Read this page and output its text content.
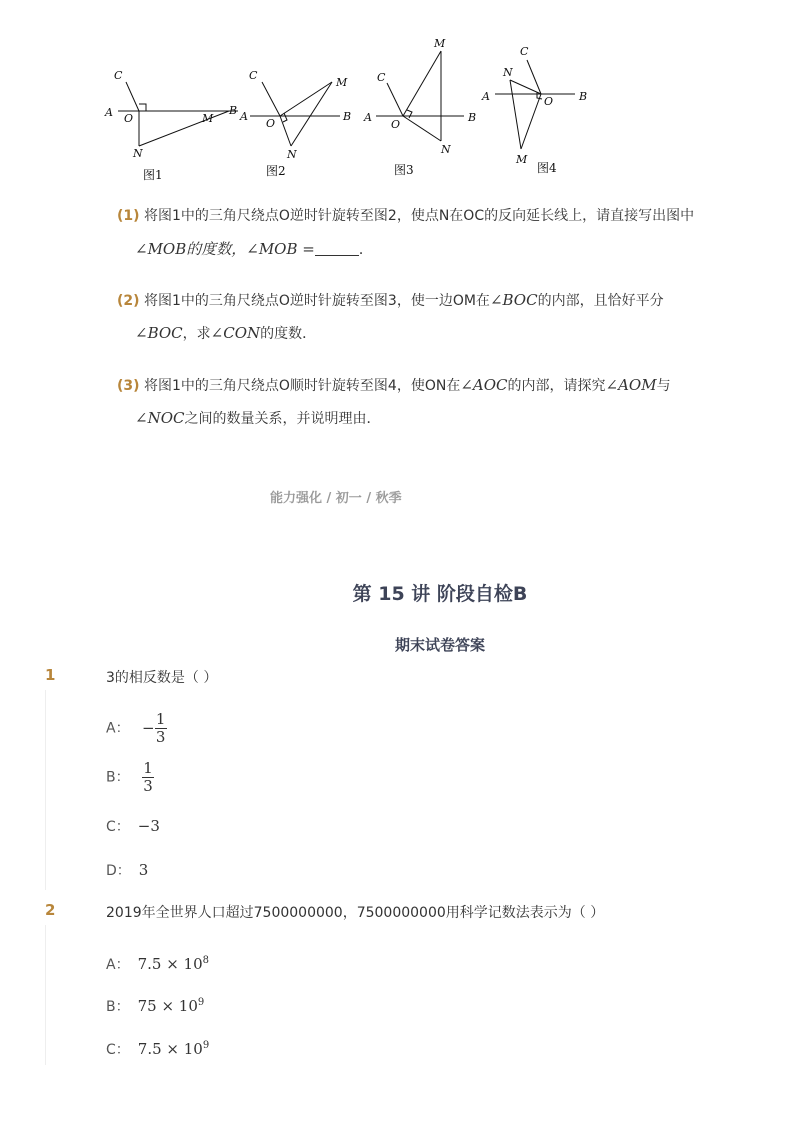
C
A O
B
M
N
C
M
A
O
B
N
M
C
A
O
B
N
C
N
A	O B
M
图1	图2	图3	图4
(1) 将图1中的三角尺绕点O逆时针旋转至图2，使点N在OC的反向延长线上，请直接写出图中
∠MOB的度数，∠MOB =	．
(2) 将图1中的三角尺绕点O逆时针旋转至图3，使一边OM在∠BOC的内部，且恰好平分
∠BOC，求∠CON的度数．
(3) 将图1中的三角尺绕点O顺时针旋转至图4，使ON在∠AOC的内部，请探究∠AOM与
∠NOC之间的数量关系，并说明理由．
能力强化 / 初一 / 秋季
第 15 讲 阶段自检B
期末试卷答案
1	3的相反数是（ ）
A： − $\frac{1}{3}$
B： $\frac{1}{3}$
C： −3
D： 3
2	2019年全世界人口超过7500000000，7500000000用科学记数法表示为（ ）
A： $7.5 \times 10^8$
B： $75 \times 10^9$
C： $7.5 \times 10^9$
